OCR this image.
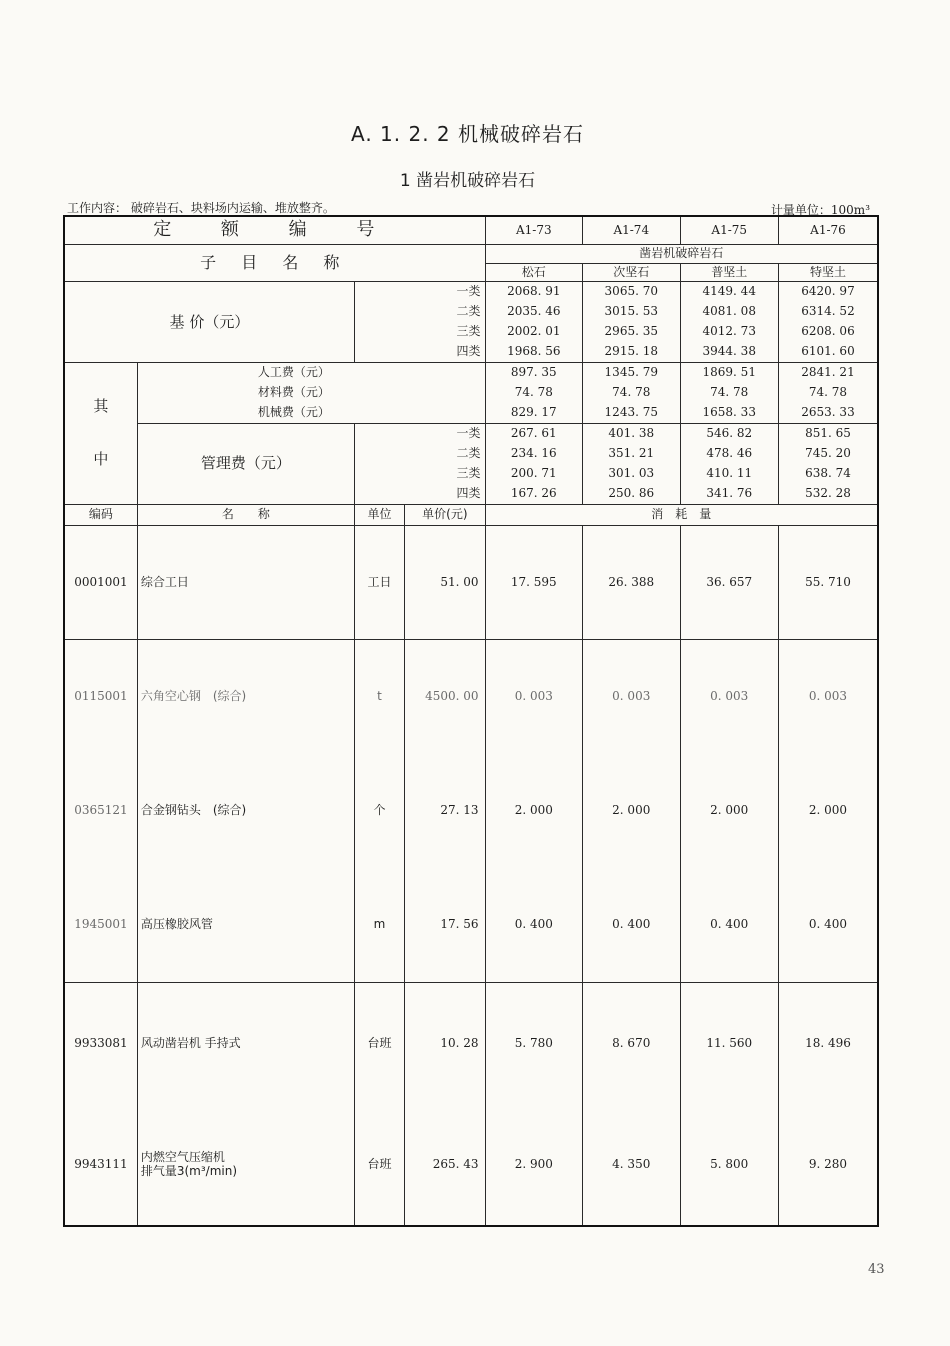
A. 1. 2. 2 机械破碎岩石
1 凿岩机破碎岩石
工作内容： 破碎岩石、块料场内运输、堆放整齐。	计量单位：100m³
定 额 编 号				A1-73	A1-74	A1-75	A1-76
子 目 名 称				凿岩机破碎岩石			
				松石	次坚石	普坚土	特坚土
基 价（元）		一类		2068. 91	3065. 70	4149. 44	6420. 97
		二类		2035. 46	3015. 53	4081. 08	6314. 52
		三类		2002. 01	2965. 35	4012. 73	6208. 06
		四类		1968. 56	2915. 18	3944. 38	6101. 60

其
中	人工费（元）			897. 35	1345. 79	1869. 51	2841. 21
	材料费（元）			74. 78	74. 78	74. 78	74. 78
	机械费（元）			829. 17	1243. 75	1658. 33	2653. 33
	管理费（元）	一类		267. 61	401. 38	546. 82	851. 65
		二类		234. 16	351. 21	478. 46	745. 20
		三类		200. 71	301. 03	410. 11	638. 74
		四类		167. 26	250. 86	341. 76	532. 28
编码	名　　称	单位	单价(元)	消　耗　量			
0001001	综合工日	工日	51. 00	17. 595	26. 388	36. 657	55. 710
0115001	六角空心钢　(综合)	t	4500. 00	0. 003	0. 003	0. 003	0. 003
0365121	合金钢钻头　(综合)	个	27. 13	2. 000	2. 000	2. 000	2. 000
1945001	高压橡胶风管	m	17. 56	0. 400	0. 400	0. 400	0. 400
9933081	风动凿岩机 手持式	台班	10. 28	5. 780	8. 670	11. 560	18. 496
9943111	内燃空气压缩机
排气量3(m³/min)	台班	265. 43	2. 900	4. 350	5. 800	9. 280
43
